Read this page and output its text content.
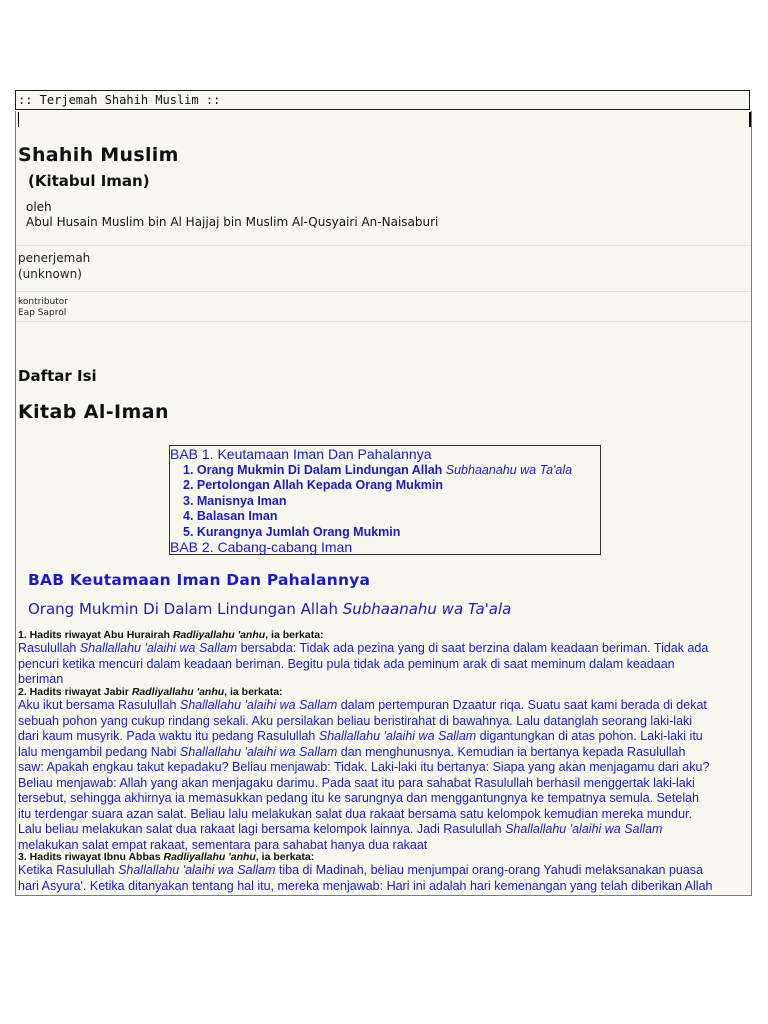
:: Terjemah Shahih Muslim ::
Shahih Muslim
(Kitabul Iman)
oleh
Abul Husain Muslim bin Al Hajjaj bin Muslim Al-Qusyairi An-Naisaburi
penerjemah
(unknown)
kontributor
Eap Saprol
Daftar Isi
Kitab Al-Iman
BAB 1. Keutamaan Iman Dan Pahalannya
1. Orang Mukmin Di Dalam Lindungan Allah Subhaanahu wa Ta'ala
2. Pertolongan Allah Kepada Orang Mukmin
3. Manisnya Iman
4. Balasan Iman
5. Kurangnya Jumlah Orang Mukmin
BAB 2. Cabang-cabang Iman
BAB Keutamaan Iman Dan Pahalannya
Orang Mukmin Di Dalam Lindungan Allah Subhaanahu wa Ta'ala
1. Hadits riwayat Abu Hurairah Radliyallahu 'anhu, ia berkata:
Rasulullah Shallallahu 'alaihi wa Sallam bersabda: Tidak ada pezina yang di saat berzina dalam keadaan beriman. Tidak ada
pencuri ketika mencuri dalam keadaan beriman. Begitu pula tidak ada peminum arak di saat meminum dalam keadaan
beriman
2. Hadits riwayat Jabir Radliyallahu 'anhu, ia berkata:
Aku ikut bersama Rasulullah Shallallahu 'alaihi wa Sallam dalam pertempuran Dzaatur riqa. Suatu saat kami berada di dekat
sebuah pohon yang cukup rindang sekali. Aku persilakan beliau beristirahat di bawahnya. Lalu datanglah seorang laki-laki
dari kaum musyrik. Pada waktu itu pedang Rasulullah Shallallahu 'alaihi wa Sallam digantungkan di atas pohon. Laki-laki itu
lalu mengambil pedang Nabi Shallallahu 'alaihi wa Sallam dan menghunusnya. Kemudian ia bertanya kepada Rasulullah
saw: Apakah engkau takut kepadaku? Beliau menjawab: Tidak. Laki-laki itu bertanya: Siapa yang akan menjagamu dari aku?
Beliau menjawab: Allah yang akan menjagaku darimu. Pada saat itu para sahabat Rasulullah berhasil menggertak laki-laki
tersebut, sehingga akhirnya ia memasukkan pedang itu ke sarungnya dan menggantungnya ke tempatnya semula. Setelah
itu terdengar suara azan salat. Beliau lalu melakukan salat dua rakaat bersama satu kelompok kemudian mereka mundur.
Lalu beliau melakukan salat dua rakaat lagi bersama kelompok lainnya. Jadi Rasulullah Shallallahu 'alaihi wa Sallam
melakukan salat empat rakaat, sementara para sahabat hanya dua rakaat
3. Hadits riwayat Ibnu Abbas Radliyallahu 'anhu, ia berkata:
Ketika Rasulullah Shallallahu 'alaihi wa Sallam tiba di Madinah, beliau menjumpai orang-orang Yahudi melaksanakan puasa
hari Asyura'. Ketika ditanyakan tentang hal itu, mereka menjawab: Hari ini adalah hari kemenangan yang telah diberikan Allah
